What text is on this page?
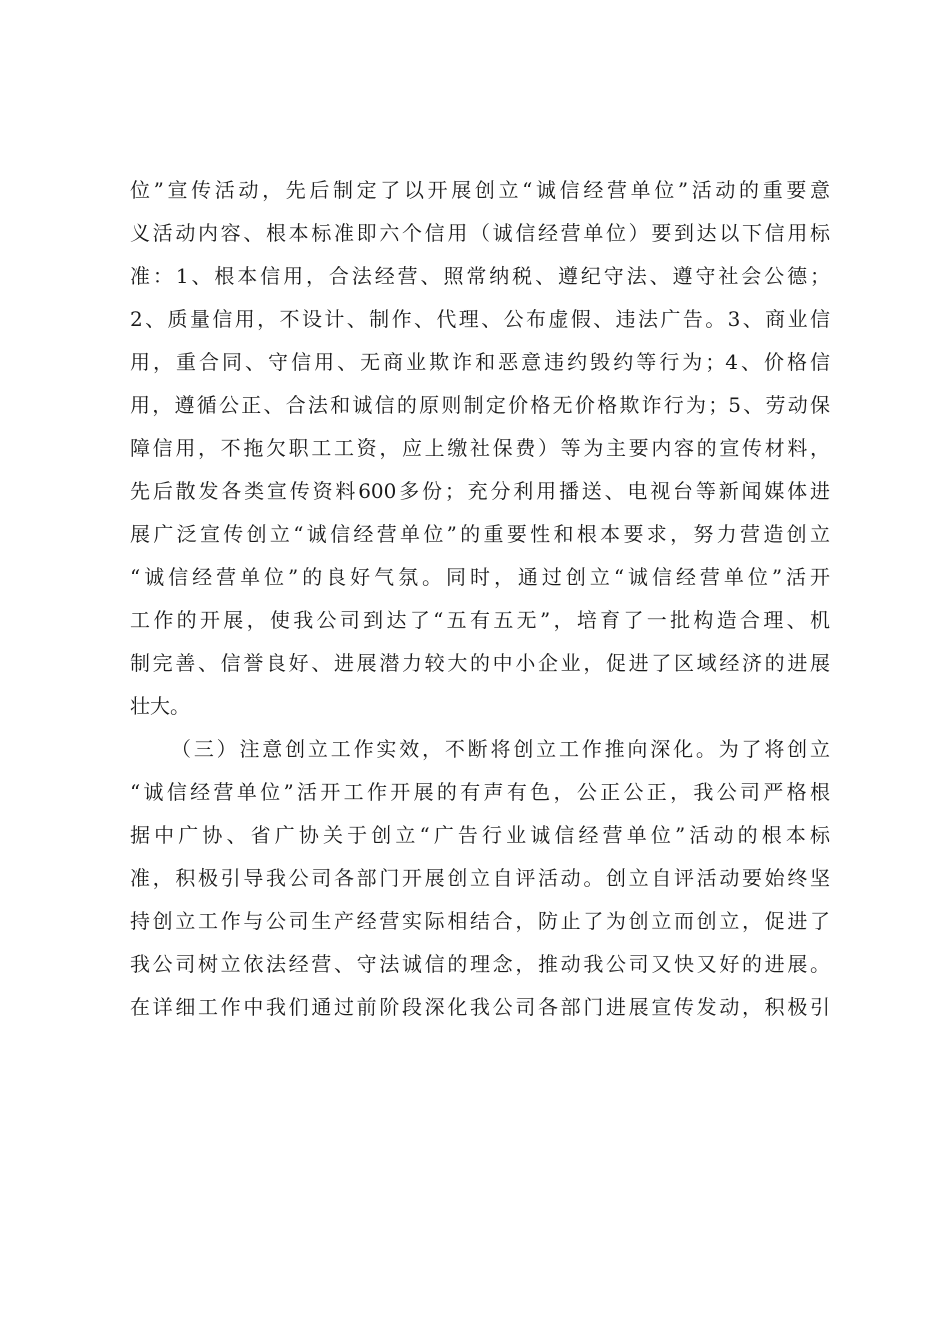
位”宣传活动，先后制定了以开展创立“诚信经营单位”活动的重要意
义活动内容、根本标准即六个信用（诚信经营单位）要到达以下信用标
准：1、根本信用，合法经营、照常纳税、遵纪守法、遵守社会公德；
2、质量信用，不设计、制作、代理、公布虚假、违法广告。3、商业信
用，重合同、守信用、无商业欺诈和恶意违约毁约等行为；4、价格信
用，遵循公正、合法和诚信的原则制定价格无价格欺诈行为；5、劳动保
障信用，不拖欠职工工资，应上缴社保费）等为主要内容的宣传材料，
先后散发各类宣传资料600多份；充分利用播送、电视台等新闻媒体进
展广泛宣传创立“诚信经营单位”的重要性和根本要求，努力营造创立
“诚信经营单位”的良好气氛。同时，通过创立“诚信经营单位”活开
工作的开展，使我公司到达了“五有五无”，培育了一批构造合理、机
制完善、信誉良好、进展潜力较大的中小企业，促进了区域经济的进展
壮大。
（三）注意创立工作实效，不断将创立工作推向深化。为了将创立
“诚信经营单位”活开工作开展的有声有色，公正公正，我公司严格根
据中广协、省广协关于创立“广告行业诚信经营单位”活动的根本标
准，积极引导我公司各部门开展创立自评活动。创立自评活动要始终坚
持创立工作与公司生产经营实际相结合，防止了为创立而创立，促进了
我公司树立依法经营、守法诚信的理念，推动我公司又快又好的进展。
在详细工作中我们通过前阶段深化我公司各部门进展宣传发动，积极引
